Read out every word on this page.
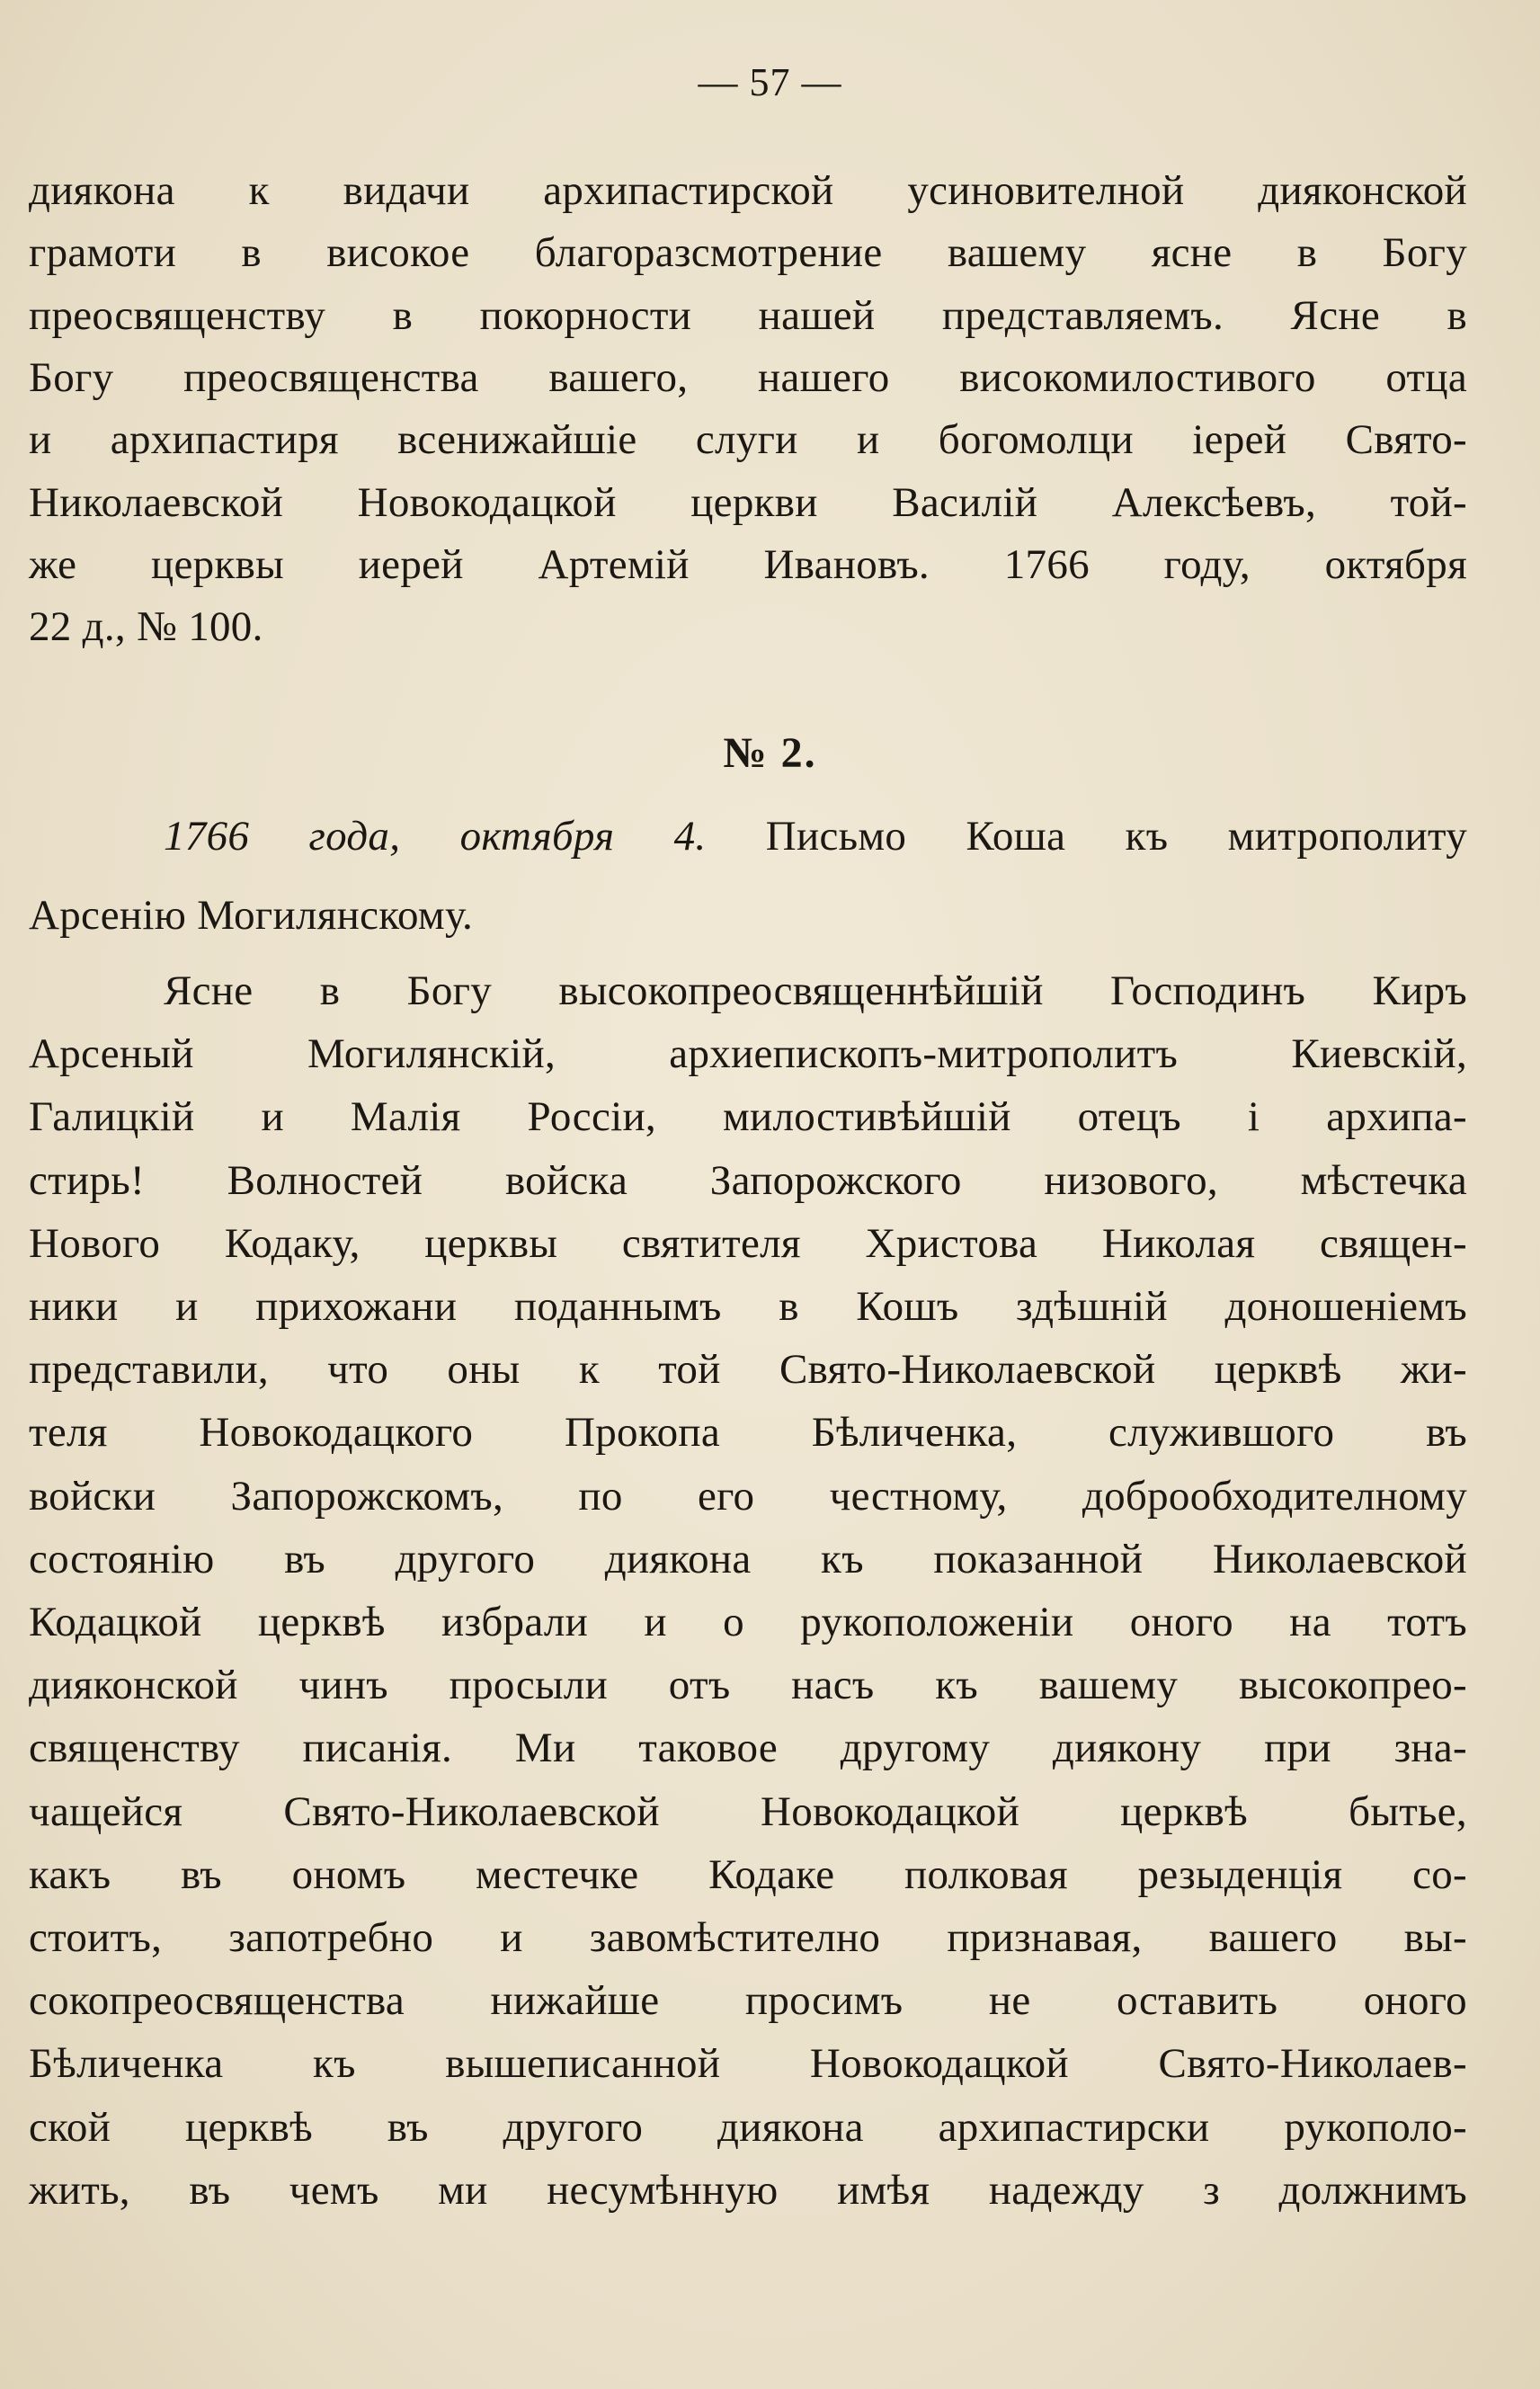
— 57 —
диякона к видачи архипастирской усиновителной дияконской
грамоти в високое благоразсмотрение вашему ясне в Богу
преосвященству в покорности нашей представляемъ. Ясне в
Богу преосвященства вашего, нашего високомилостивого отца
и архипастиря всенижайшіе слуги и богомолци іерей Свято-
Николаевской Новокодацкой церкви Василій Алексѣевъ, той-
же церквы иерей Артемій Ивановъ. 1766 году, октября
22 д., № 100.
№ 2.
1766 года, октября 4. Письмо Коша къ митрополиту
Арсенію Могилянскому.
Ясне в Богу высокопреосвященнѣйшій Господинъ Киръ
Арсеный Могилянскій, архиепископъ-митрополитъ Киевскій,
Галицкій и Малія Россіи, милостивѣйшій отецъ і архипа-
стирь! Волностей войска Запорожского низового, мѣстечка
Нового Кодаку, церквы святителя Христова Николая священ-
ники и прихожани поданнымъ в Кошъ здѣшній доношеніемъ
представили, что оны к той Свято-Николаевской церквѣ жи-
теля Новокодацкого Прокопа Бѣличенка, служившого въ
войски Запорожскомъ, по его честному, доброобходителному
состоянію въ другого диякона къ показанной Николаевской
Кодацкой церквѣ избрали и о рукоположеніи оного на тотъ
дияконской чинъ просыли отъ насъ къ вашему высокопрео-
священству писанія. Ми таковое другому диякону при зна-
чащейся Свято-Николаевской Новокодацкой церквѣ бытье,
какъ въ ономъ местечке Кодаке полковая резыденція со-
стоитъ, запотребно и завомѣстително признавая, вашего вы-
сокопреосвященства нижайше просимъ не оставить оного
Бѣличенка къ вышеписанной Новокодацкой Свято-Николаев-
ской церквѣ въ другого диякона архипастирски рукополо-
жить, въ чемъ ми несумѣнную имѣя надежду з должнимъ
